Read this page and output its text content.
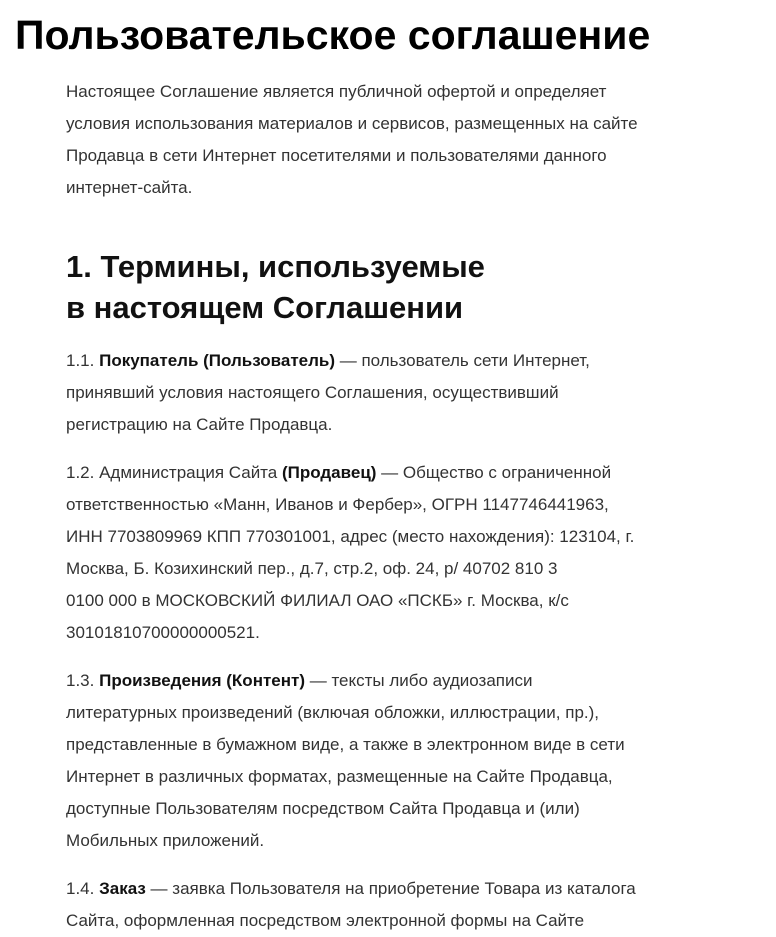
Пользовательское соглашение
Настоящее Соглашение является публичной офертой и определяет
условия использования материалов и сервисов, размещенных на сайте
Продавца в сети Интернет посетителями и пользователями данного
интернет-сайта.
1. Термины, используемые
в настоящем Соглашении
1.1. Покупатель (Пользователь) — пользователь сети Интернет,
принявший условия настоящего Соглашения, осуществивший
регистрацию на Сайте Продавца.
1.2. Администрация Сайта (Продавец) — Общество с ограниченной
ответственностью «Манн, Иванов и Фербер», ОГРН 1147746441963,
ИНН 7703809969 КПП 770301001, адрес (место нахождения): 123104, г.
Москва, Б. Козихинский пер., д.7, стр.2, оф. 24, р/ 40702 810 3
0100 000 в МОСКОВСКИЙ ФИЛИАЛ ОАО «ПСКБ» г. Москва, к/с
30101810700000000521.
1.3. Произведения (Контент) — тексты либо аудиозаписи
литературных произведений (включая обложки, иллюстрации, пр.),
представленные в бумажном виде, а также в электронном виде в сети
Интернет в различных форматах, размещенные на Сайте Продавца,
доступные Пользователям посредством Сайта Продавца и (или)
Мобильных приложений.
1.4. Заказ — заявка Пользователя на приобретение Товара из каталога
Сайта, оформленная посредством электронной формы на Сайте
